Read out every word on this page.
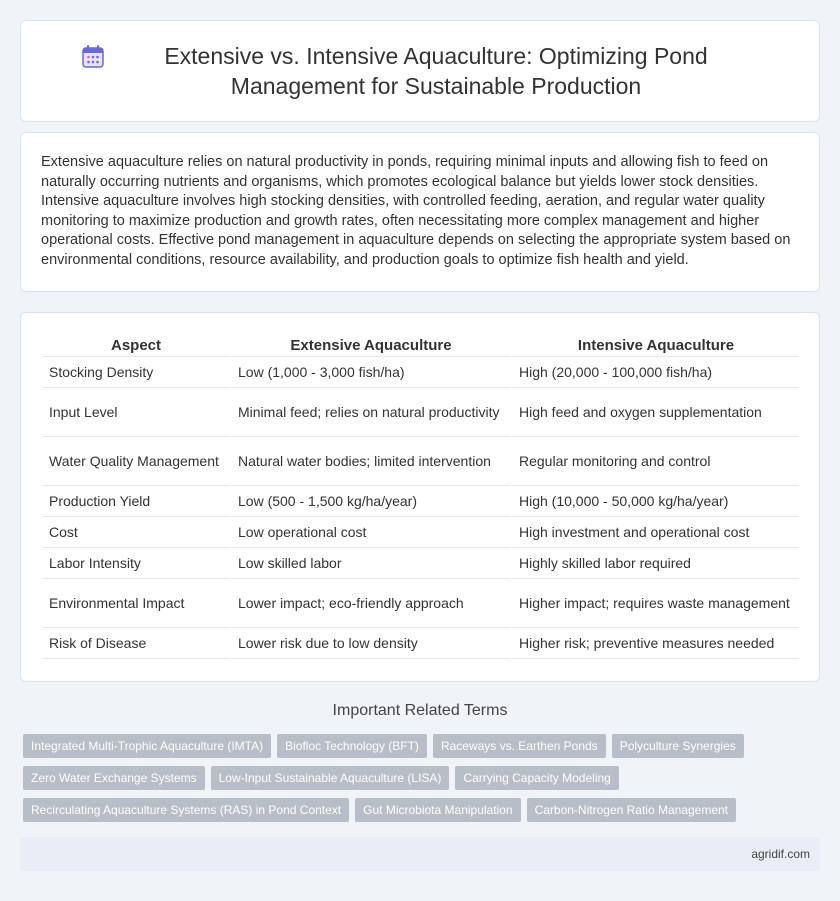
Extensive vs. Intensive Aquaculture: Optimizing Pond Management for Sustainable Production

Extensive aquaculture relies on natural productivity in ponds, requiring minimal inputs and allowing fish to feed on naturally occurring nutrients and organisms, which promotes ecological balance but yields lower stock densities. Intensive aquaculture involves high stocking densities, with controlled feeding, aeration, and regular water quality monitoring to maximize production and growth rates, often necessitating more complex management and higher operational costs. Effective pond management in aquaculture depends on selecting the appropriate system based on environmental conditions, resource availability, and production goals to optimize fish health and yield.

Aspect	Extensive Aquaculture	Intensive Aquaculture
Stocking Density	Low (1,000 - 3,000 fish/ha)	High (20,000 - 100,000 fish/ha)
Input Level	Minimal feed; relies on natural productivity	High feed and oxygen supplementation
Water Quality Management	Natural water bodies; limited intervention	Regular monitoring and control
Production Yield	Low (500 - 1,500 kg/ha/year)	High (10,000 - 50,000 kg/ha/year)
Cost	Low operational cost	High investment and operational cost
Labor Intensity	Low skilled labor	Highly skilled labor required
Environmental Impact	Lower impact; eco-friendly approach	Higher impact; requires waste management
Risk of Disease	Lower risk due to low density	Higher risk; preventive measures needed
Important Related Terms
Integrated Multi-Trophic Aquaculture (IMTA) Biofloc Technology (BFT) Raceways vs. Earthen Ponds Polyculture SynergiesZero Water Exchange Systems Low-Input Sustainable Aquaculture (LISA) Carrying Capacity ModelingRecirculating Aquaculture Systems (RAS) in Pond Context Gut Microbiota Manipulation Carbon-Nitrogen Ratio Management
agridif.com
